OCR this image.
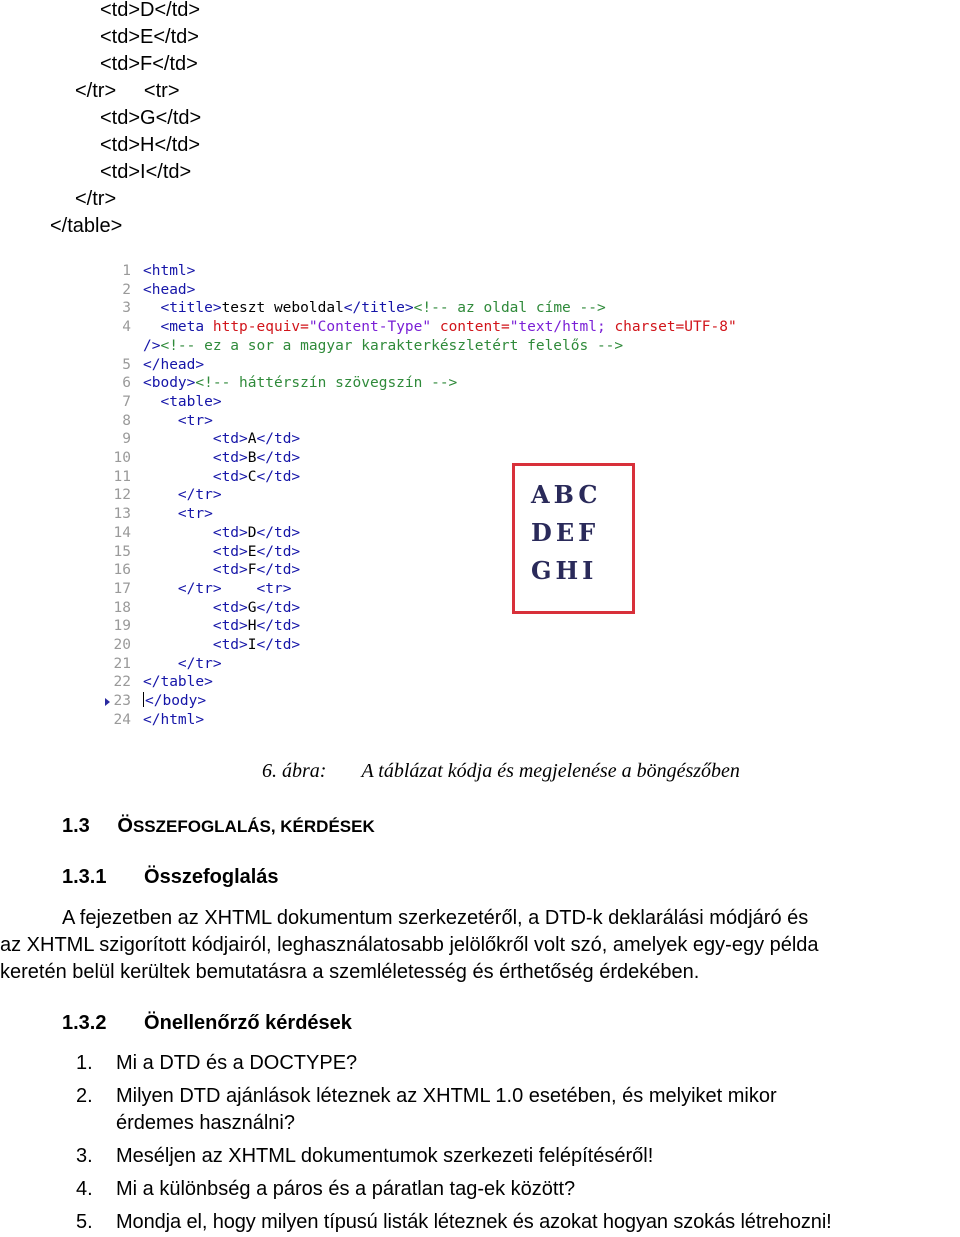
<td>D</td>
<td>E</td>
<td>F</td>
</tr>     <tr>
<td>G</td>
<td>H</td>
<td>I</td>
</tr>
</table>
1 <html>
2 <head>
3 <title>teszt weboldal</title><!-- az oldal címe -->
4 <meta http-equiv="Content-Type" content="text/html; charset=UTF-8"
/><!-- ez a sor a magyar karakterkészletért felelős -->
5 </head>
6 <body><!-- háttérszín szövegszín -->
7 <table>
8	<tr>
9	<td>A</td>
10	<td>B</td>
11	<td>C</td>
12	</tr>
13	<tr>
14	<td>D</td>
15	<td>E</td>
16	<td>F</td>
17	</tr> <tr>
18	<td>G</td>
19	<td>H</td>
20	<td>I</td>
21	</tr>
22 </table>
23 </body>
24 </html>
ABC
DEF
GHI
6. ábra: A táblázat kódja és megjelenése a böngészőben
1.3 ÖSSZEFOGLALÁS, KÉRDÉSEK
1.3.1 Összefoglalás
A fejezetben az XHTML dokumentum szerkezetéről, a DTD-k deklarálási módjáró és
az XHTML szigorított kódjairól, leghasználatosabb jelölőkről volt szó, amelyek egy-egy példa
keretén belül kerültek bemutatásra a szemléletesség és érthetőség érdekében.
1.3.2 Önellenőrző kérdések
1. Mi a DTD és a DOCTYPE?
2. Milyen DTD ajánlások léteznek az XHTML 1.0 esetében, és melyiket mikor
érdemes használni?
3. Meséljen az XHTML dokumentumok szerkezeti felépítéséről!
4. Mi a különbség a páros és a páratlan tag-ek között?
5. Mondja el, hogy milyen típusú listák léteznek és azokat hogyan szokás létrehozni!
